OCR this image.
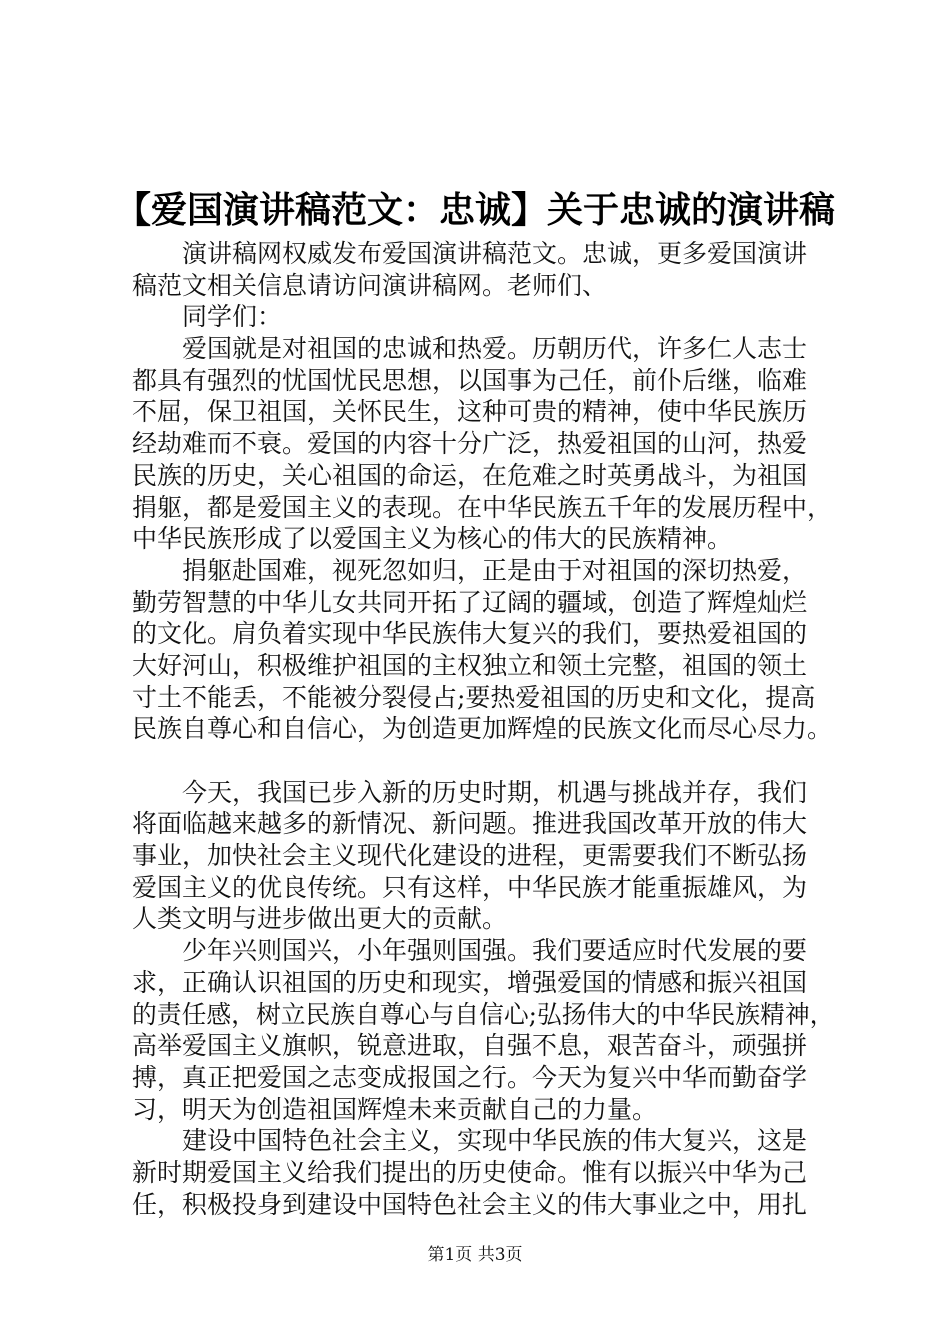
【爱国演讲稿范文：忠诚】关于忠诚的演讲稿
　　演讲稿网权威发布爱国演讲稿范文。忠诚，更多爱国演讲
稿范文相关信息请访问演讲稿网。老师们、
　　同学们：
　　爱国就是对祖国的忠诚和热爱。历朝历代，许多仁人志士
都具有强烈的忧国忧民思想，以国事为己任，前仆后继，临难
不屈，保卫祖国，关怀民生，这种可贵的精神，使中华民族历
经劫难而不衰。爱国的内容十分广泛，热爱祖国的山河，热爱
民族的历史，关心祖国的命运，在危难之时英勇战斗，为祖国
捐躯，都是爱国主义的表现。在中华民族五千年的发展历程中，
中华民族形成了以爱国主义为核心的伟大的民族精神。
　　捐躯赴国难，视死忽如归，正是由于对祖国的深切热爱，
勤劳智慧的中华儿女共同开拓了辽阔的疆域，创造了辉煌灿烂
的文化。肩负着实现中华民族伟大复兴的我们，要热爱祖国的
大好河山，积极维护祖国的主权独立和领土完整，祖国的领土
寸土不能丢，不能被分裂侵占;要热爱祖国的历史和文化，提高
民族自尊心和自信心，为创造更加辉煌的民族文化而尽心尽力。
　　今天，我国已步入新的历史时期，机遇与挑战并存，我们
将面临越来越多的新情况、新问题。推进我国改革开放的伟大
事业，加快社会主义现代化建设的进程，更需要我们不断弘扬
爱国主义的优良传统。只有这样，中华民族才能重振雄风，为
人类文明与进步做出更大的贡献。
　　少年兴则国兴，小年强则国强。我们要适应时代发展的要
求，正确认识祖国的历史和现实，增强爱国的情感和振兴祖国
的责任感，树立民族自尊心与自信心;弘扬伟大的中华民族精神，
高举爱国主义旗帜，锐意进取，自强不息，艰苦奋斗，顽强拼
搏，真正把爱国之志变成报国之行。今天为复兴中华而勤奋学
习，明天为创造祖国辉煌未来贡献自己的力量。
　　建设中国特色社会主义，实现中华民族的伟大复兴，这是
新时期爱国主义给我们提出的历史使命。惟有以振兴中华为己
任，积极投身到建设中国特色社会主义的伟大事业之中，用扎
第1页 共3页
